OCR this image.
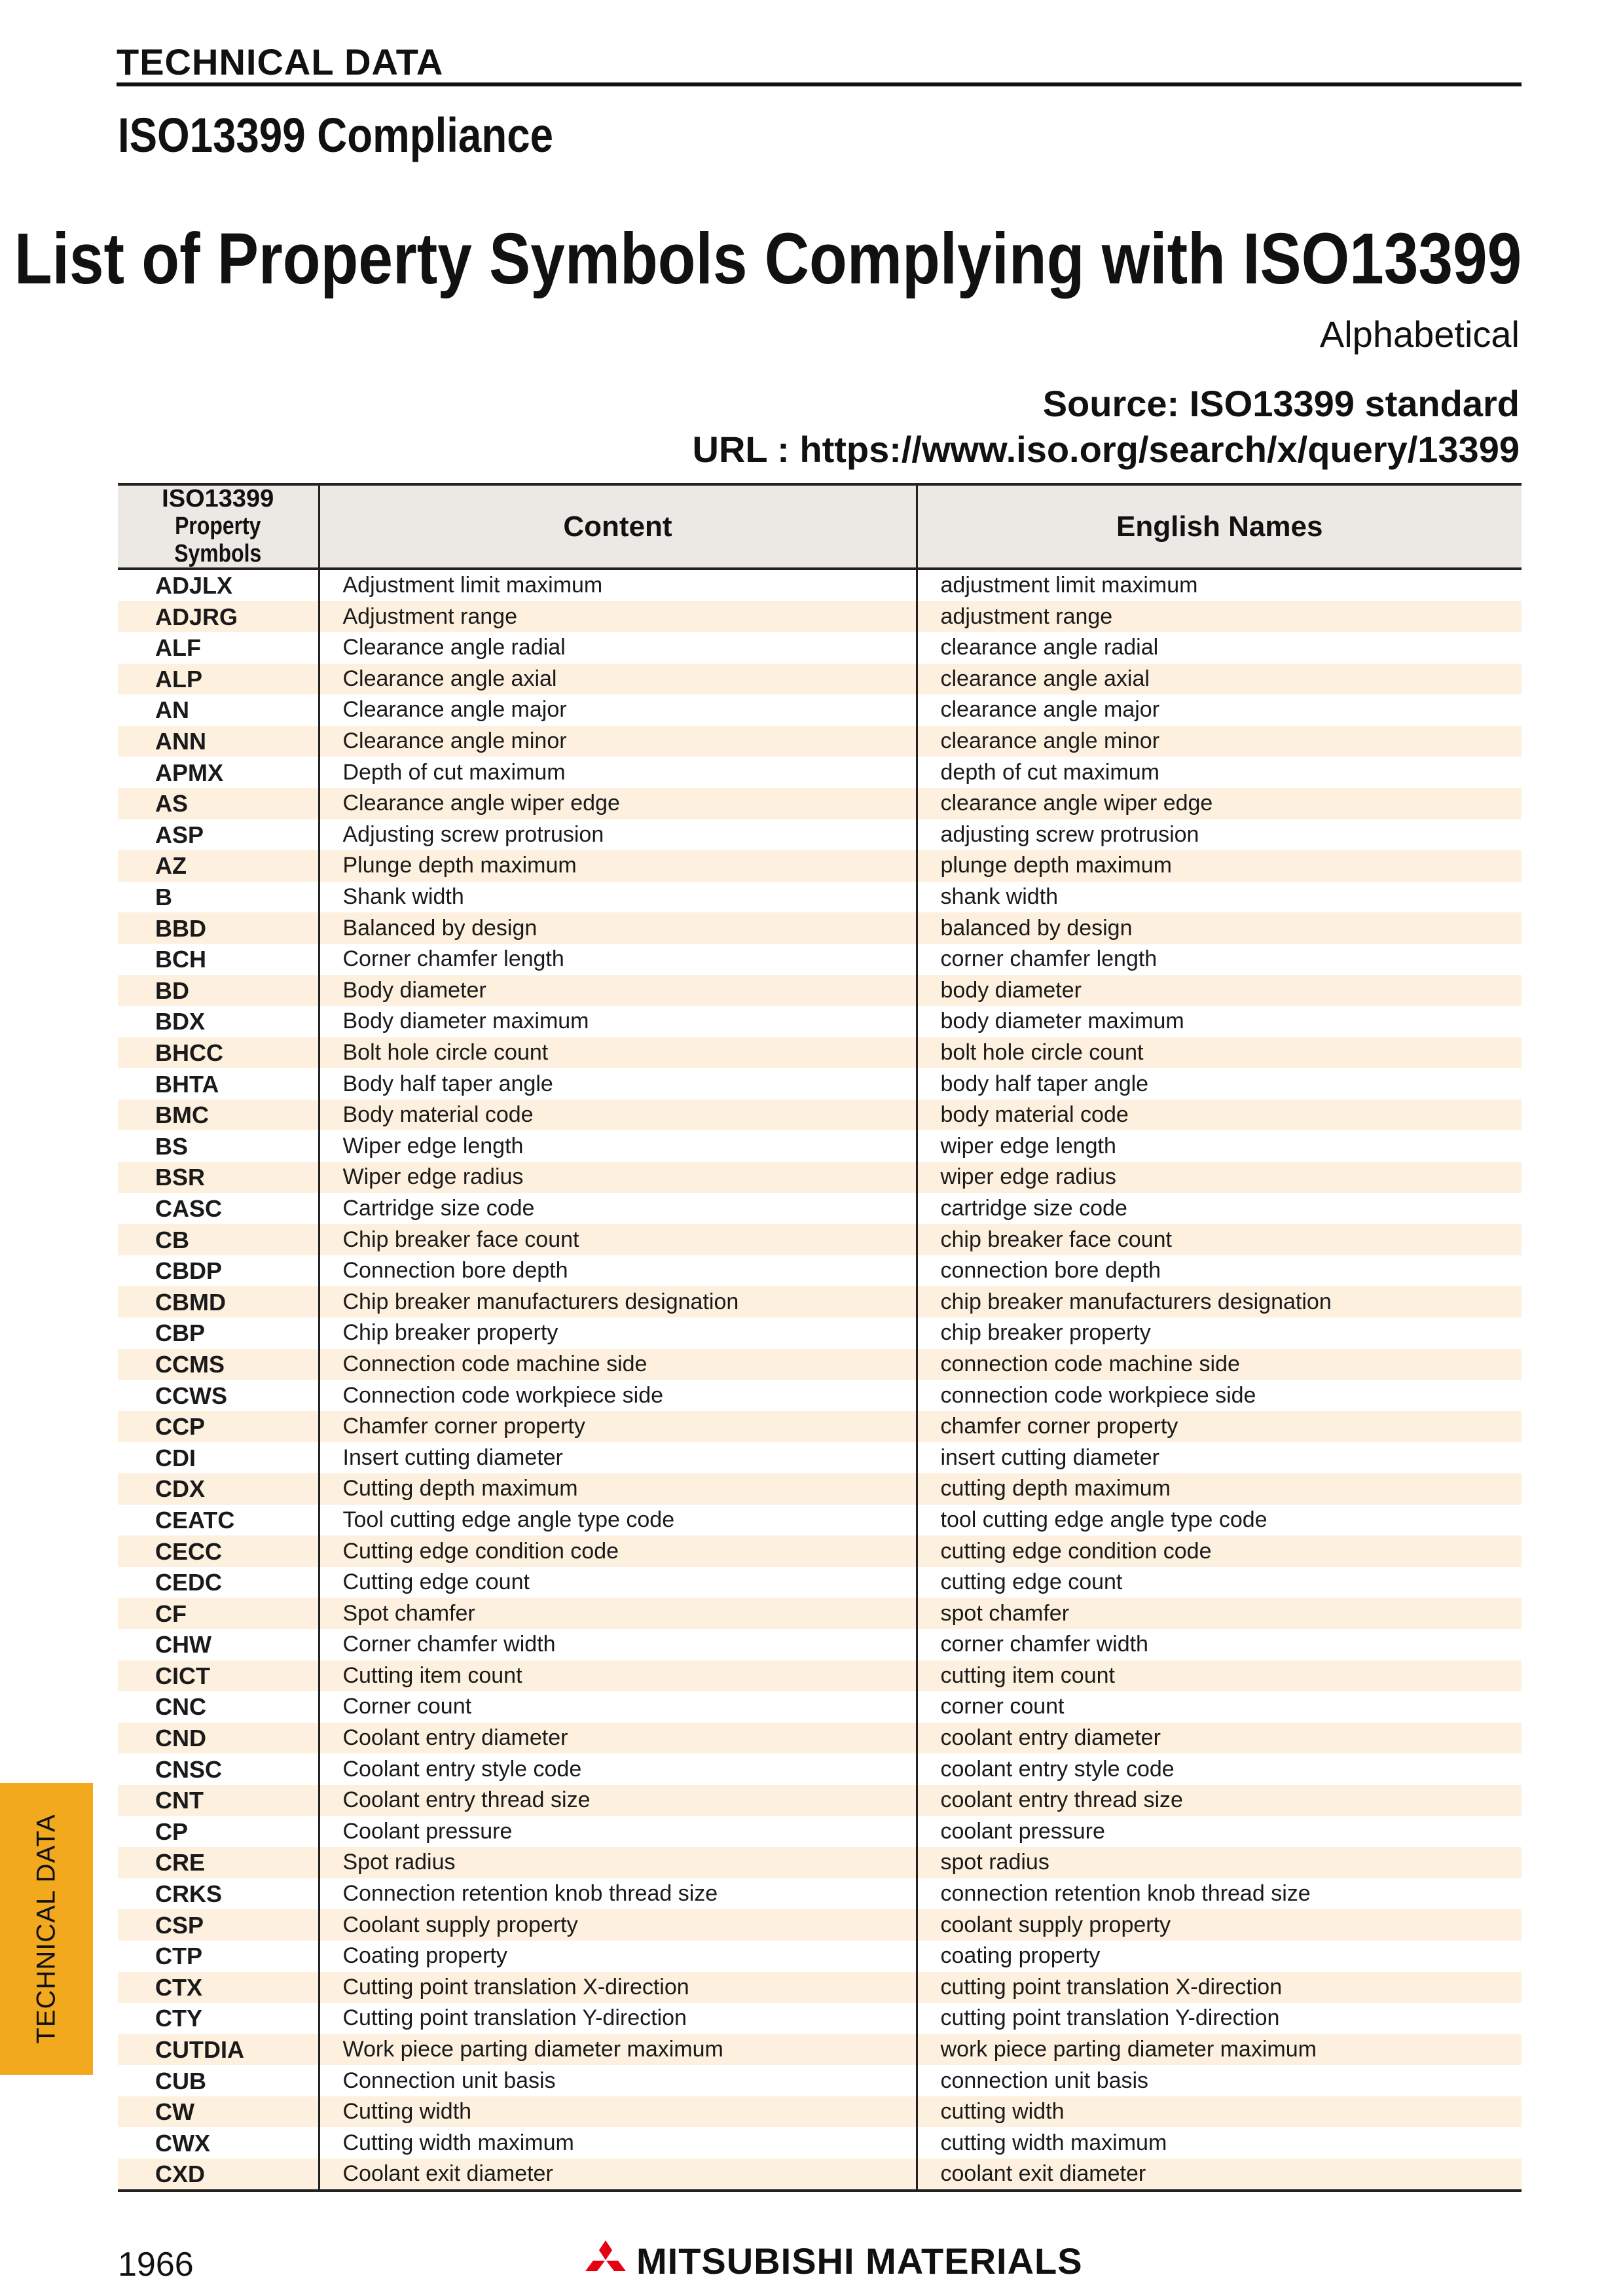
TECHNICAL DATA
ISO13399 Compliance
List of Property Symbols Complying with ISO13399
Alphabetical
Source: ISO13399 standard
URL : https://www.iso.org/search/x/query/13399
ISO13399
Property Symbols	Content	English Names
ADJLX	Adjustment limit maximum	adjustment limit maximum
ADJRG	Adjustment range	adjustment range
ALF	Clearance angle radial	clearance angle radial
ALP	Clearance angle axial	clearance angle axial
AN	Clearance angle major	clearance angle major
ANN	Clearance angle minor	clearance angle minor
APMX	Depth of cut maximum	depth of cut maximum
AS	Clearance angle wiper edge	clearance angle wiper edge
ASP	Adjusting screw protrusion	adjusting screw protrusion
AZ	Plunge depth maximum	plunge depth maximum
B	Shank width	shank width
BBD	Balanced by design	balanced by design
BCH	Corner chamfer length	corner chamfer length
BD	Body diameter	body diameter
BDX	Body diameter maximum	body diameter maximum
BHCC	Bolt hole circle count	bolt hole circle count
BHTA	Body half taper angle	body half taper angle
BMC	Body material code	body material code
BS	Wiper edge length	wiper edge length
BSR	Wiper edge radius	wiper edge radius
CASC	Cartridge size code	cartridge size code
CB	Chip breaker face count	chip breaker face count
CBDP	Connection bore depth	connection bore depth
CBMD	Chip breaker manufacturers designation	chip breaker manufacturers designation
CBP	Chip breaker property	chip breaker property
CCMS	Connection code machine side	connection code machine side
CCWS	Connection code workpiece side	connection code workpiece side
CCP	Chamfer corner property	chamfer corner property
CDI	Insert cutting diameter	insert cutting diameter
CDX	Cutting depth maximum	cutting depth maximum
CEATC	Tool cutting edge angle type code	tool cutting edge angle type code
CECC	Cutting edge condition code	cutting edge condition code
CEDC	Cutting edge count	cutting edge count
CF	Spot chamfer	spot chamfer
CHW	Corner chamfer width	corner chamfer width
CICT	Cutting item count	cutting item count
CNC	Corner count	corner count
CND	Coolant entry diameter	coolant entry diameter
CNSC	Coolant entry style code	coolant entry style code
CNT	Coolant entry thread size	coolant entry thread size
CP	Coolant pressure	coolant pressure
CRE	Spot radius	spot radius
CRKS	Connection retention knob thread size	connection retention knob thread size
CSP	Coolant supply property	coolant supply property
CTP	Coating property	coating property
CTX	Cutting point translation X-direction	cutting point translation X-direction
CTY	Cutting point translation Y-direction	cutting point translation Y-direction
CUTDIA	Work piece parting diameter maximum	work piece parting diameter maximum
CUB	Connection unit basis	connection unit basis
CW	Cutting width	cutting width
CWX	Cutting width maximum	cutting width maximum
CXD	Coolant exit diameter	coolant exit diameter
TECHNICAL DATA
1966	MITSUBISHI MATERIALS
